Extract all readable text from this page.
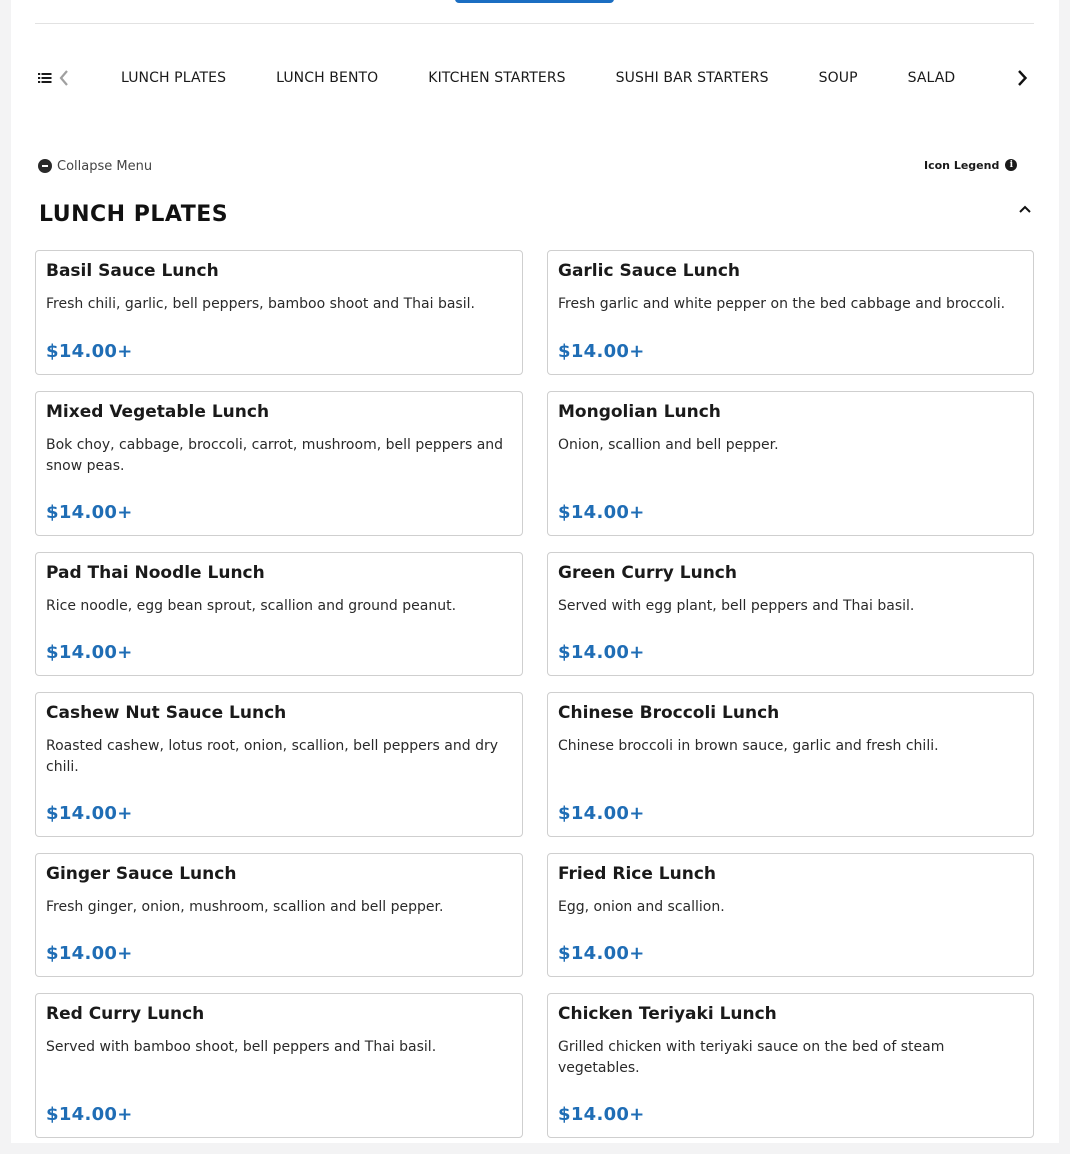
LUNCH PLATES	LUNCH BENTO	KITCHEN STARTERS	SUSHI BAR STARTERS	SOUP	SALAD
Collapse Menu	Icon Legend	i
LUNCH PLATES
Basil Sauce Lunch
Fresh chili, garlic, bell peppers, bamboo shoot and Thai basil.
$14.00+
Garlic Sauce Lunch
Fresh garlic and white pepper on the bed cabbage and broccoli.
$14.00+
Mixed Vegetable Lunch
Bok choy, cabbage, broccoli, carrot, mushroom, bell peppers and snow peas.
$14.00+
Mongolian Lunch
Onion, scallion and bell pepper.
$14.00+
Pad Thai Noodle Lunch
Rice noodle, egg bean sprout, scallion and ground peanut.
$14.00+
Green Curry Lunch
Served with egg plant, bell peppers and Thai basil.
$14.00+
Cashew Nut Sauce Lunch
Roasted cashew, lotus root, onion, scallion, bell peppers and dry chili.
$14.00+
Chinese Broccoli Lunch
Chinese broccoli in brown sauce, garlic and fresh chili.
$14.00+
Ginger Sauce Lunch
Fresh ginger, onion, mushroom, scallion and bell pepper.
$14.00+
Fried Rice Lunch
Egg, onion and scallion.
$14.00+
Red Curry Lunch
Served with bamboo shoot, bell peppers and Thai basil.
$14.00+
Chicken Teriyaki Lunch
Grilled chicken with teriyaki sauce on the bed of steam vegetables.
$14.00+
